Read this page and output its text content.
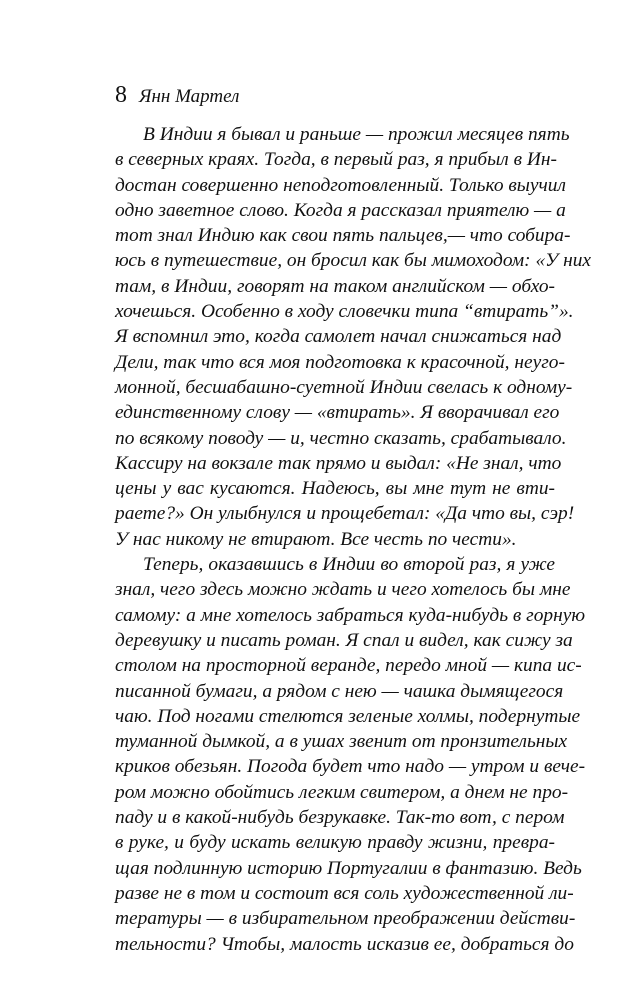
8 Янн Мартел
В Индии я бывал и раньше — прожил месяцев пять
в северных краях. Тогда, в первый раз, я прибыл в Ин-
достан совершенно неподготовленный. Только выучил
одно заветное слово. Когда я рассказал приятелю — а
тот знал Индию как свои пять пальцев,— что собира-
юсь в путешествие, он бросил как бы мимоходом: «У них
там, в Индии, говорят на таком английском — обхо-
хочешься. Особенно в ходу словечки типа “втирать”».
Я вспомнил это, когда самолет начал снижаться над
Дели, так что вся моя подготовка к красочной, неуго-
монной, бесшабашно-суетной Индии свелась к одному-
единственному слову — «втирать». Я вворачивал его
по всякому поводу — и, честно сказать, срабатывало.
Кассиру на вокзале так прямо и выдал: «Не знал, что
цены у вас кусаются. Надеюсь, вы мне тут не вти-
раете?» Он улыбнулся и прощебетал: «Да что вы, сэр!
У нас никому не втирают. Все честь по чести».
Теперь, оказавшись в Индии во второй раз, я уже
знал, чего здесь можно ждать и чего хотелось бы мне
самому: а мне хотелось забраться куда-нибудь в горную
деревушку и писать роман. Я спал и видел, как сижу за
столом на просторной веранде, передо мной — кипа ис-
писанной бумаги, а рядом с нею — чашка дымящегося
чаю. Под ногами стелются зеленые холмы, подернутые
туманной дымкой, а в ушах звенит от пронзительных
криков обезьян. Погода будет что надо — утром и вече-
ром можно обойтись легким свитером, а днем не про-
паду и в какой-нибудь безрукавке. Так-то вот, с пером
в руке, и буду искать великую правду жизни, превра-
щая подлинную историю Португалии в фантазию. Ведь
разве не в том и состоит вся соль художественной ли-
тературы — в избирательном преображении действи-
тельности? Чтобы, малость исказив ее, добраться до
